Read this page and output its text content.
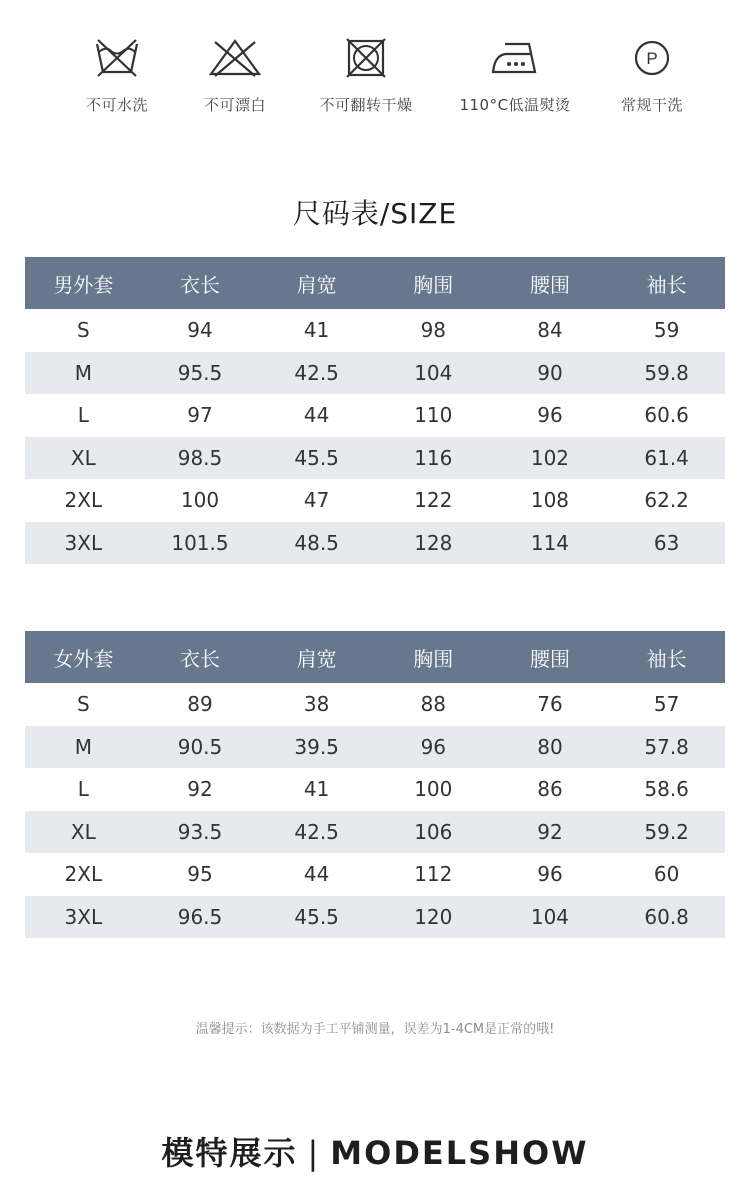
不可水洗	不可漂白	不可翻转干燥	110°C低温熨烫
P
常规干洗
尺码表/SIZE
男外套	衣长	肩宽	胸围	腰围	袖长
S	94	41	98	84	59
M	95.5	42.5	104	90	59.8
L	97	44	110	96	60.6
XL	98.5	45.5	116	102	61.4
2XL	100	47	122	108	62.2
3XL	101.5	48.5	128	114	63
女外套	衣长	肩宽	胸围	腰围	袖长
S	89	38	88	76	57
M	90.5	39.5	96	80	57.8
L	92	41	100	86	58.6
XL	93.5	42.5	106	92	59.2
2XL	95	44	112	96	60
3XL	96.5	45.5	120	104	60.8
温馨提示：该数据为手工平铺测量，误差为1-4CM是正常的哦!
模特展示 | MODELSHOW
